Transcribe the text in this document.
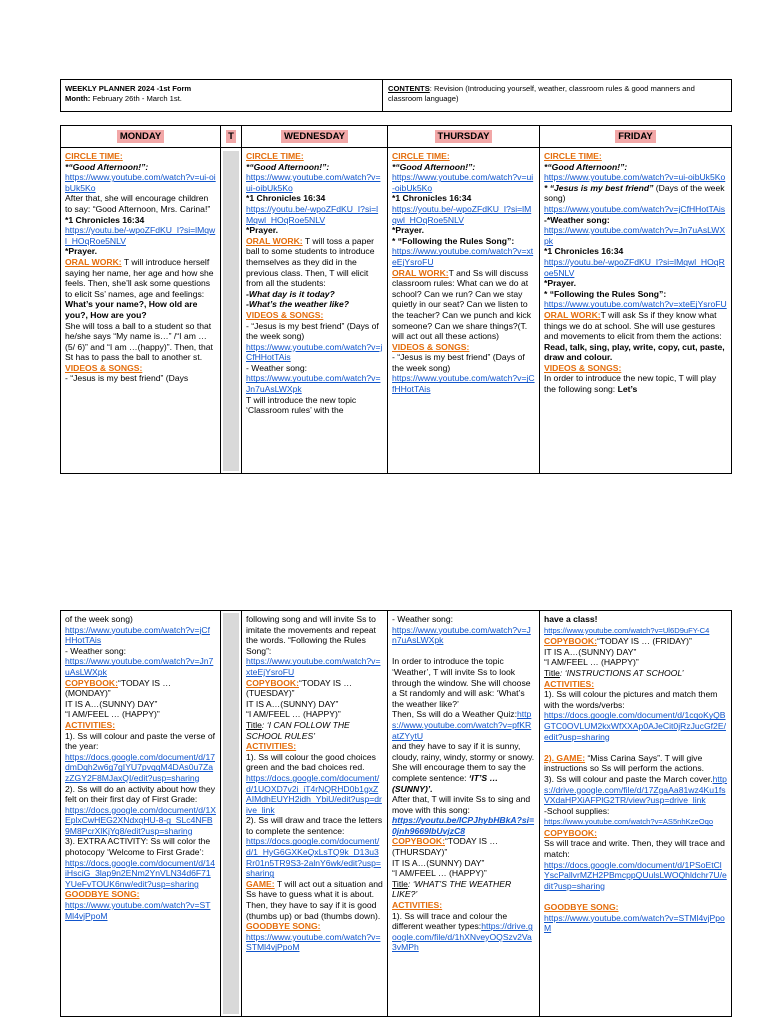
WEEKLY PLANNER 2024 -1st Form
Month: February 26th - March 1st.
CONTENTS: Revision (Introducing yourself, weather, classroom rules & good manners and classroom language)
MONDAY

CIRCLE TIME:

*“Good Afternoon!”:

https://www.youtube.com/watch?v=ui-oibUk5Ko

After that, she will encourage children to say: “Good Afternoon, Mrs. Carina!”

*1 Chronicles 16:34

https://youtu.be/-wpoZFdKU_I?si=lMqwl_HOqRoe5NLV

*Prayer.

ORAL WORK: T will introduce herself saying her name, her age and how she feels. Then, she’ll ask some questions to elicit Ss’ names, age and feelings: What’s your name?, How old are you?, How are you?

She will toss a ball to a student so that he/she says “My name is…” /“I am … (5/ 6)” and “I am …(happy)”. Then, that St has to pass the ball to another st.

VIDEOS & SONGS:

- “Jesus is my best friend” (Days

T	WEDNESDAY

CIRCLE TIME:

*“Good Afternoon!”:

https://www.youtube.com/watch?v=ui-oibUk5Ko

*1 Chronicles 16:34

https://youtu.be/-wpoZFdKU_I?si=lMqwl_HOqRoe5NLV

*Prayer.

ORAL WORK: T will toss a paper ball to some students to introduce themselves as they did in the previous class. Then, T will elicit from all the students:

-What day is it today?

-What’s the weather like?

VIDEOS & SONGS:

- “Jesus is my best friend” (Days of the week song)

https://www.youtube.com/watch?v=jCfHHotTAis

- Weather song:

https://www.youtube.com/watch?v=Jn7uAsLWXpk

T will introduce the new topic ‘Classroom rules’ with the

THURSDAY

CIRCLE TIME:

*“Good Afternoon!”:

https://www.youtube.com/watch?v=ui-oibUk5Ko

*1 Chronicles 16:34

https://youtu.be/-wpoZFdKU_I?si=lMqwl_HOqRoe5NLV

*Prayer.

* “Following the Rules Song”:

https://www.youtube.com/watch?v=xteEjYsroFU

ORAL WORK:T and Ss will discuss classroom rules: What can we do at school? Can we run? Can we stay quietly in our seat? Can we listen to the teacher? Can we punch and kick someone? Can we share things?(T. will act out all these actions)

VIDEOS & SONGS:

- “Jesus is my best friend” (Days of the week song)

https://www.youtube.com/watch?v=jCfHHotTAis

FRIDAY

CIRCLE TIME:

*“Good Afternoon!”:

https://www.youtube.com/watch?v=ui-oibUk5Ko

* “Jesus is my best friend” (Days of the week song)

https://www.youtube.com/watch?v=jCfHHotTAis

-*Weather song:

https://www.youtube.com/watch?v=Jn7uAsLWXpk

*1 Chronicles 16:34

https://youtu.be/-wpoZFdKU_I?si=lMqwl_HOqRoe5NLV

*Prayer.

* “Following the Rules Song”:

https://www.youtube.com/watch?v=xteEjYsroFU

ORAL WORK:T will ask Ss if they know what things we do at school. She will use gestures and movements to elicit from them the actions:

Read, talk, sing, play, write, copy, cut, paste, draw and colour.

VIDEOS & SONGS:

In order to introduce the new topic, T will play the following song: Let’s

of the week song)

https://www.youtube.com/watch?v=jCfHHotTAis

- Weather song:

https://www.youtube.com/watch?v=Jn7uAsLWXpk

COPYBOOK:“TODAY IS … (MONDAY)”

IT IS A…(SUNNY) DAY”

“I AM/FEEL … (HAPPY)”

ACTIVITIES:

1). Ss will colour and paste the verse of the year:

https://docs.google.com/document/d/17dmDqh2w6g7gIYU7pvqqM4DAs0u7ZazZGY2F8MJaxQI/edit?usp=sharing

2). Ss will do an activity about how they felt on their first day of First Grade:

https://docs.google.com/document/d/1XEplxCwHEG2XNdxqHU-8-g_SLc4NFB9M8PcrXlKjYq8/edit?usp=sharing

3). EXTRA ACTIVITY: Ss will color the photocopy ‘Welcome to First Grade’:

https://docs.google.com/document/d/14iHsciG_3lap9n2ENm2YnVLN34d6F71YUeFvTOUK6nw/edit?usp=sharing

GOODBYE SONG:

https://www.youtube.com/watch?v=STMl4vjPpoM

following song and will invite Ss to imitate the movements and repeat the words. “Following the Rules Song”:

https://www.youtube.com/watch?v=xteEjYsroFU

COPYBOOK:“TODAY IS … (TUESDAY)”

IT IS A…(SUNNY) DAY”

“I AM/FEEL … (HAPPY)”

Title: ‘I CAN FOLLOW THE SCHOOL RULES’

ACTIVITIES:

1). Ss will colour the good choices green and the bad choices red.

https://docs.google.com/document/d/1UOXD7v2i_iT4rNQRHD0b1gxZAIMdhEUYH2idh_YbiU/edit?usp=drive_link

2). Ss will draw and trace the letters to complete the sentence:

https://docs.google.com/document/d/1_HyG6GXKeQxLsTQ9k_D13u3Rr01n5TR9S3-2alnY6wk/edit?usp=sharing

GAME: T will act out a situation and Ss have to guess what it is about. Then, they have to say if it is good (thumbs up) or bad (thumbs down).

GOODBYE SONG:

https://www.youtube.com/watch?v=STMl4vjPpoM

- Weather song:

https://www.youtube.com/watch?v=Jn7uAsLWXpk

In order to introduce the topic ‘Weather’, T will invite Ss to look through the window. She will choose a St randomly and will ask: ‘What’s the weather like?’

Then, Ss will do a Weather Quiz:https://www.youtube.com/watch?v=pfKRatZYytU

and they have to say if it is sunny, cloudy, rainy, windy, stormy or snowy. She will encourage them to say the complete sentence: ‘IT’S … (SUNNY)’.

After that, T will invite Ss to sing and move with this song:

https://youtu.be/lCPJhybHBkA?si=0jnh9669lbUvjzC8

COPYBOOK:“TODAY IS … (THURSDAY)”

IT IS A…(SUNNY) DAY”

“I AM/FEEL … (HAPPY)”

Title: ‘WHAT’S THE WEATHER LIKE?’

ACTIVITIES:

1). Ss will trace and colour the different weather types:https://drive.google.com/file/d/1hXNveyOQSzv2Va3vMPh

have a class!

https://www.youtube.com/watch?v=Ul6D9uFY-C4

COPYBOOK:“TODAY IS … (FRIDAY)”

IT IS A…(SUNNY) DAY”

“I AM/FEEL … (HAPPY)”

Title: ‘INSTRUCTIONS AT SCHOOL’

ACTIVITIES:

1). Ss will colour the pictures and match them with the words/verbs:

https://docs.google.com/document/d/1cqoKyQBGTC0OVLUM2kxWfXXAp0AJeCit0jRzJucGf2E/edit?usp=sharing

2). GAME: “Miss Carina Says”. T will give instructions so Ss will perform the actions.

3). Ss will colour and paste the March cover.https://drive.google.com/file/d/17ZgaAa81wz4Ku1fsVXdaHPXiAFPlG2TR/view?usp=drive_link

-School supplies:

https://www.youtube.com/watch?v=AS5nhKzeOqo

COPYBOOK:

Ss will trace and write. Then, they will trace and match:

https://docs.google.com/document/d/1PSoEtClYscPallvrMZH2PBmcppQUulsLWOQhldchr7U/edit?usp=sharing

GOODBYE SONG:

https://www.youtube.com/watch?v=STMl4vjPpoM
